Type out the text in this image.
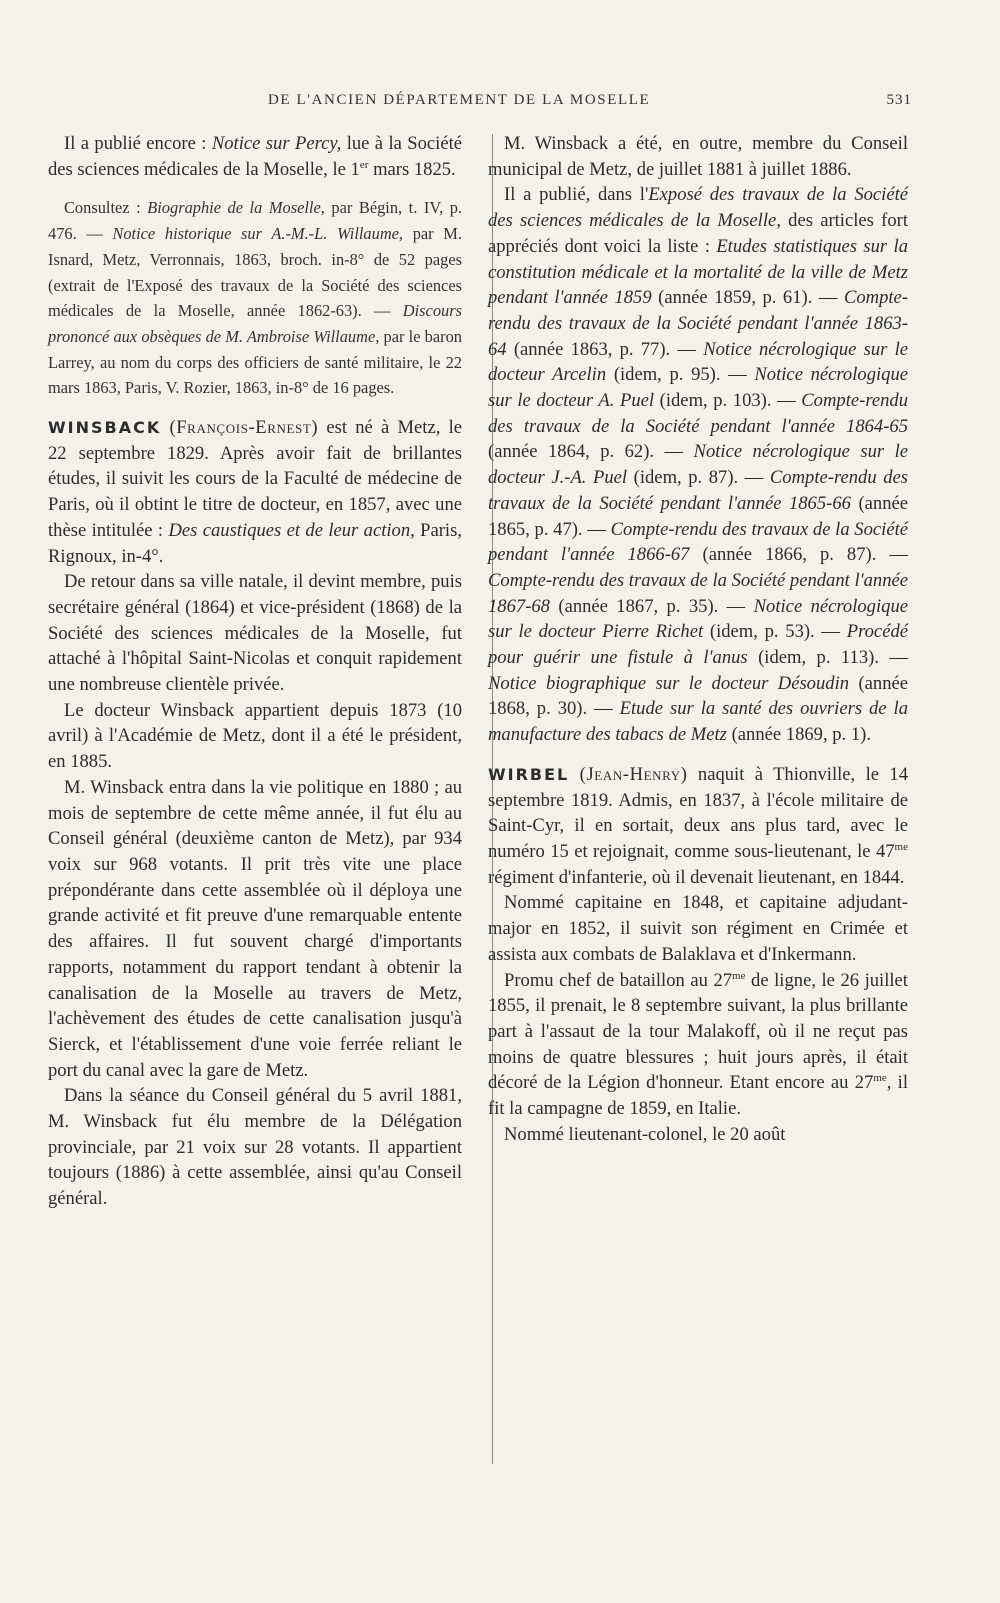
DE L'ANCIEN DÉPARTEMENT DE LA MOSELLE	531

Il a publié encore : Notice sur Percy, lue à la Société des sciences médicales de la Moselle, le 1er mars 1825.

Consultez : Biographie de la Moselle, par Bégin, t. IV, p. 476. — Notice historique sur A.-M.-L. Willaume, par M. Isnard, Metz, Verronnais, 1863, broch. in-8° de 52 pages (extrait de l'Exposé des travaux de la Société des sciences médicales de la Moselle, année 1862-63). — Discours prononcé aux obsèques de M. Ambroise Willaume, par le baron Larrey, au nom du corps des officiers de santé militaire, le 22 mars 1863, Paris, V. Rozier, 1863, in-8° de 16 pages.

WINSBACK (François-Ernest) est né à Metz, le 22 septembre 1829. Après avoir fait de brillantes études, il suivit les cours de la Faculté de médecine de Paris, où il obtint le titre de docteur, en 1857, avec une thèse intitulée : Des caustiques et de leur action, Paris, Rignoux, in-4°.

De retour dans sa ville natale, il devint membre, puis secrétaire général (1864) et vice-président (1868) de la Société des sciences médicales de la Moselle, fut attaché à l'hôpital Saint-Nicolas et conquit rapidement une nombreuse clientèle privée.

Le docteur Winsback appartient depuis 1873 (10 avril) à l'Académie de Metz, dont il a été le président, en 1885.

M. Winsback entra dans la vie politique en 1880 ; au mois de septembre de cette même année, il fut élu au Conseil général (deuxième canton de Metz), par 934 voix sur 968 votants. Il prit très vite une place prépondérante dans cette assemblée où il déploya une grande activité et fit preuve d'une remarquable entente des affaires. Il fut souvent chargé d'importants rapports, notamment du rapport tendant à obtenir la canalisation de la Moselle au travers de Metz, l'achèvement des études de cette canalisation jusqu'à Sierck, et l'établissement d'une voie ferrée reliant le port du canal avec la gare de Metz.

Dans la séance du Conseil général du 5 avril 1881, M. Winsback fut élu membre de la Délégation provinciale, par 21 voix sur 28 votants. Il appartient toujours (1886) à cette assemblée, ainsi qu'au Conseil général.

M. Winsback a été, en outre, membre du Conseil municipal de Metz, de juillet 1881 à juillet 1886.

Il a publié, dans l'Exposé des travaux de la Société des sciences médicales de la Moselle, des articles fort appréciés dont voici la liste : Etudes statistiques sur la constitution médicale et la mortalité de la ville de Metz pendant l'année 1859 (année 1859, p. 61). — Compte-rendu des travaux de la Société pendant l'année 1863-64 (année 1863, p. 77). — Notice nécrologique sur le docteur Arcelin (idem, p. 95). — Notice nécrologique sur le docteur A. Puel (idem, p. 103). — Compte-rendu des travaux de la Société pendant l'année 1864-65 (année 1864, p. 62). — Notice nécrologique sur le docteur J.-A. Puel (idem, p. 87). — Compte-rendu des travaux de la Société pendant l'année 1865-66 (année 1865, p. 47). — Compte-rendu des travaux de la Société pendant l'année 1866-67 (année 1866, p. 87). — Compte-rendu des travaux de la Société pendant l'année 1867-68 (année 1867, p. 35). — Notice nécrologique sur le docteur Pierre Richet (idem, p. 53). — Procédé pour guérir une fistule à l'anus (idem, p. 113). — Notice biographique sur le docteur Désoudin (année 1868, p. 30). — Etude sur la santé des ouvriers de la manufacture des tabacs de Metz (année 1869, p. 1).

WIRBEL (Jean-Henry) naquit à Thionville, le 14 septembre 1819. Admis, en 1837, à l'école militaire de Saint-Cyr, il en sortait, deux ans plus tard, avec le numéro 15 et rejoignait, comme sous-lieutenant, le $47^{me}$ régiment d'infanterie, où il devenait lieutenant, en 1844.

Nommé capitaine en 1848, et capitaine adjudant-major en 1852, il suivit son régiment en Crimée et assista aux combats de Balaklava et d'Inkermann.

Promu chef de bataillon au $27^{me}$ de ligne, le 26 juillet 1855, il prenait, le 8 septembre suivant, la plus brillante part à l'assaut de la tour Malakoff, où il ne reçut pas moins de quatre blessures ; huit jours après, il était décoré de la Légion d'honneur. Etant encore au $27^{me}$, il fit la campagne de 1859, en Italie.

Nommé lieutenant-colonel, le 20 août
